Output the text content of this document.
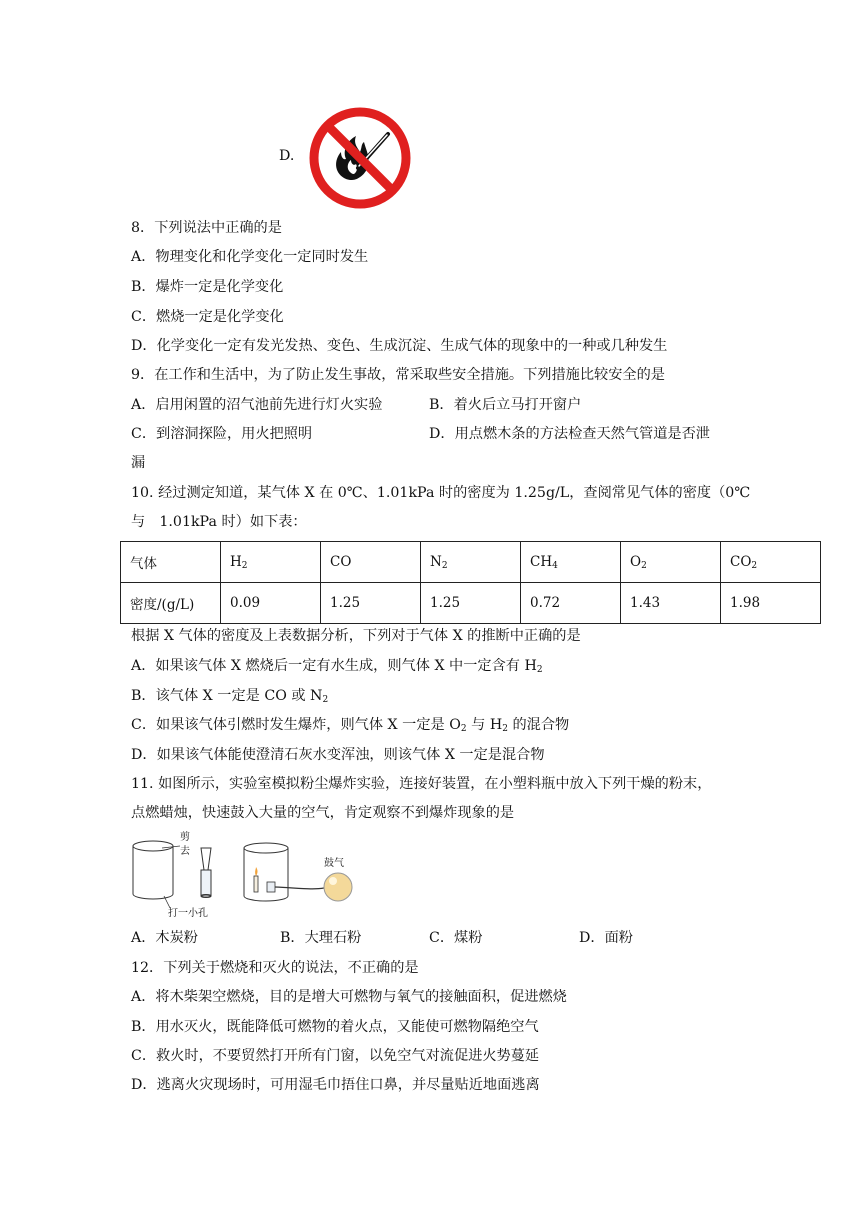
D.
8．下列说法中正确的是
A．物理变化和化学变化一定同时发生
B．爆炸一定是化学变化
C．燃烧一定是化学变化
D．化学变化一定有发光发热、变色、生成沉淀、生成气体的现象中的一种或几种发生
9．在工作和生活中，为了防止发生事故，常采取些安全措施。下列措施比较安全的是
A．启用闲置的沼气池前先进行灯火实验	B．着火后立马打开窗户
C．到溶洞探险，用火把照明	D．用点燃木条的方法检查天然气管道是否泄
漏
10. 经过测定知道，某气体 X 在 0℃、1.01kPa 时的密度为 1.25g/L，查阅常见气体的密度（0℃
与　1.01kPa 时）如下表：
气体	$H_2$	CO	$N_2$	$CH_4$	$O_2$	$CO_2$
密度/(g/L)	0.09	1.25	1.25	0.72	1.43	1.98
根据 X 气体的密度及上表数据分析，下列对于气体 X 的推断中正确的是
A．如果该气体 X 燃烧后一定有水生成，则气体 X 中一定含有 $H_2$
B．该气体 X 一定是 CO 或 $N_2$
C．如果该气体引燃时发生爆炸，则气体 X 一定是 $O_2$ 与 $H_2$ 的混合物
D．如果该气体能使澄清石灰水变浑浊，则该气体 X 一定是混合物
11. 如图所示，实验室模拟粉尘爆炸实验，连接好装置，在小塑料瓶中放入下列干燥的粉末，
点燃蜡烛，快速鼓入大量的空气，肯定观察不到爆炸现象的是
剪
去
打一小孔
鼓气
A．木炭粉	B．大理石粉	C．煤粉	D．面粉
12．下列关于燃烧和灭火的说法，不正确的是
A．将木柴架空燃烧，目的是增大可燃物与氧气的接触面积，促进燃烧
B．用水灭火，既能降低可燃物的着火点，又能使可燃物隔绝空气
C．救火时，不要贸然打开所有门窗，以免空气对流促进火势蔓延
D．逃离火灾现场时，可用湿毛巾捂住口鼻，并尽量贴近地面逃离
